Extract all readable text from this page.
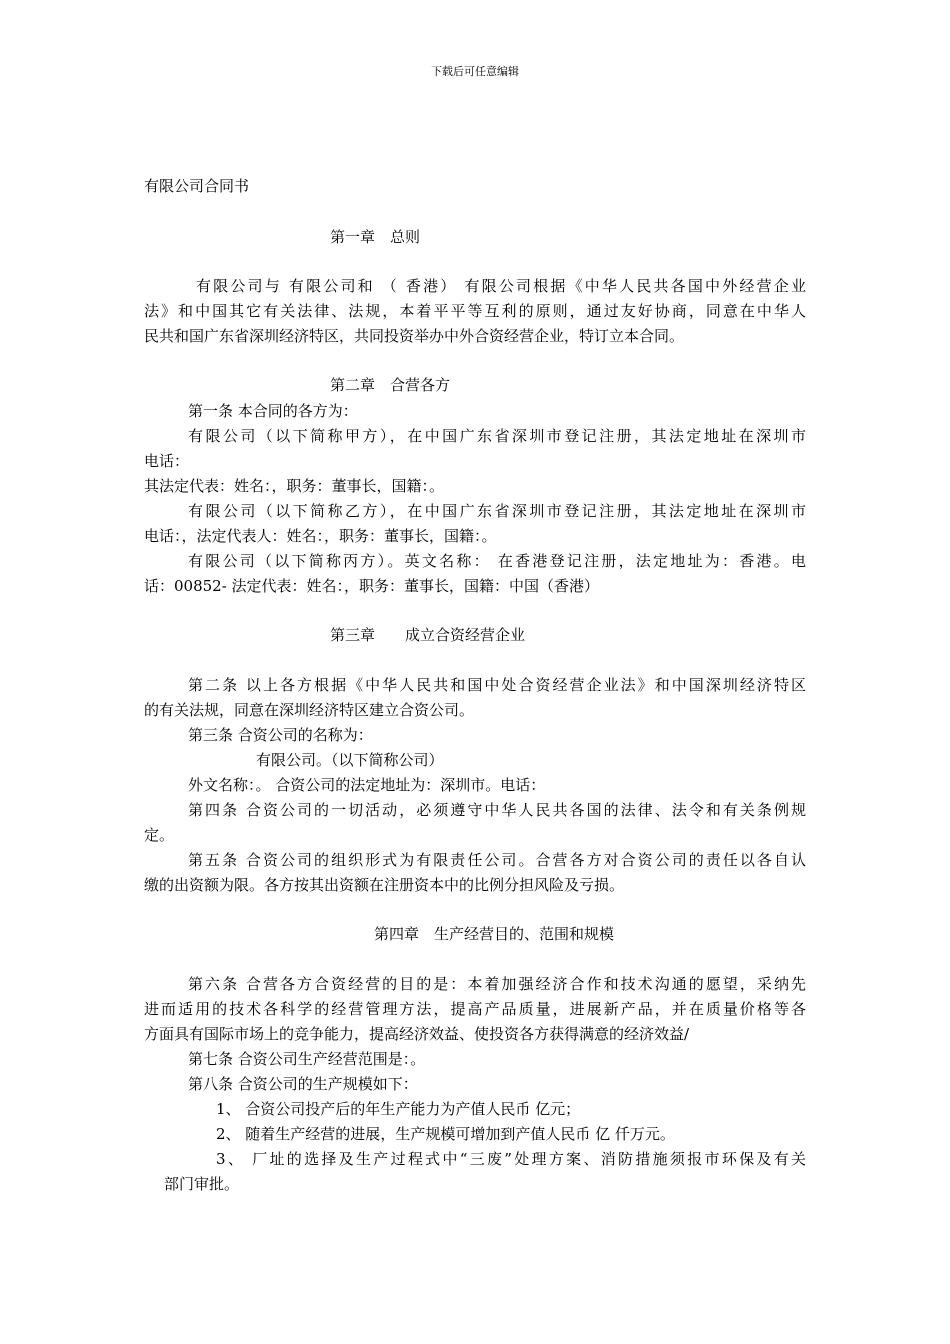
下载后可任意编辑
有限公司合同书
第一章　总则
有限公司与 有限公司和 （ 香港） 有限公司根据《中华人民共各国中外经营企业
法》和中国其它有关法律、法规，本着平平等互利的原则，通过友好协商，同意在中华人
民共和国广东省深圳经济特区，共同投资举办中外合资经营企业，特订立本合同。
第二章　合营各方
第一条 本合同的各方为：
有限公司（以下简称甲方），在中国广东省深圳市登记注册，其法定地址在深圳市
电话：
其法定代表：姓名：，职务：董事长，国籍：。
有限公司（以下简称乙方），在中国广东省深圳市登记注册，其法定地址在深圳市
电话：，法定代表人：姓名：，职务：董事长，国籍：。
有限公司（以下简称丙方）。英文名称： 在香港登记注册，法定地址为：香港。电
话：00852- 法定代表：姓名：，职务：董事长，国籍：中国（香港）
第三章　　成立合资经营企业
第二条 以上各方根据《中华人民共和国中处合资经营企业法》和中国深圳经济特区
的有关法规，同意在深圳经济特区建立合资公司。
第三条 合资公司的名称为：
有限公司。（以下简称公司）
外文名称：。 合资公司的法定地址为：深圳市。电话：
第四条 合资公司的一切活动，必须遵守中华人民共各国的法律、法令和有关条例规
定。
第五条 合资公司的组织形式为有限责任公司。合营各方对合资公司的责任以各自认
缴的出资额为限。各方按其出资额在注册资本中的比例分担风险及亏损。
第四章　生产经营目的、范围和规模
第六条 合营各方合资经营的目的是：本着加强经济合作和技术沟通的愿望，采纳先
进而适用的技术各科学的经营管理方法，提高产品质量，进展新产品，并在质量价格等各
方面具有国际市场上的竞争能力，提高经济效益、使投资各方获得满意的经济效益/
第七条 合资公司生产经营范围是：。
第八条 合资公司的生产规模如下：
1、 合资公司投产后的年生产能力为产值人民币 亿元；
2、 随着生产经营的进展，生产规模可增加到产值人民币 亿 仟万元。
3、 厂址的选择及生产过程式中“三废”处理方案、消防措施须报市环保及有关
部门审批。
